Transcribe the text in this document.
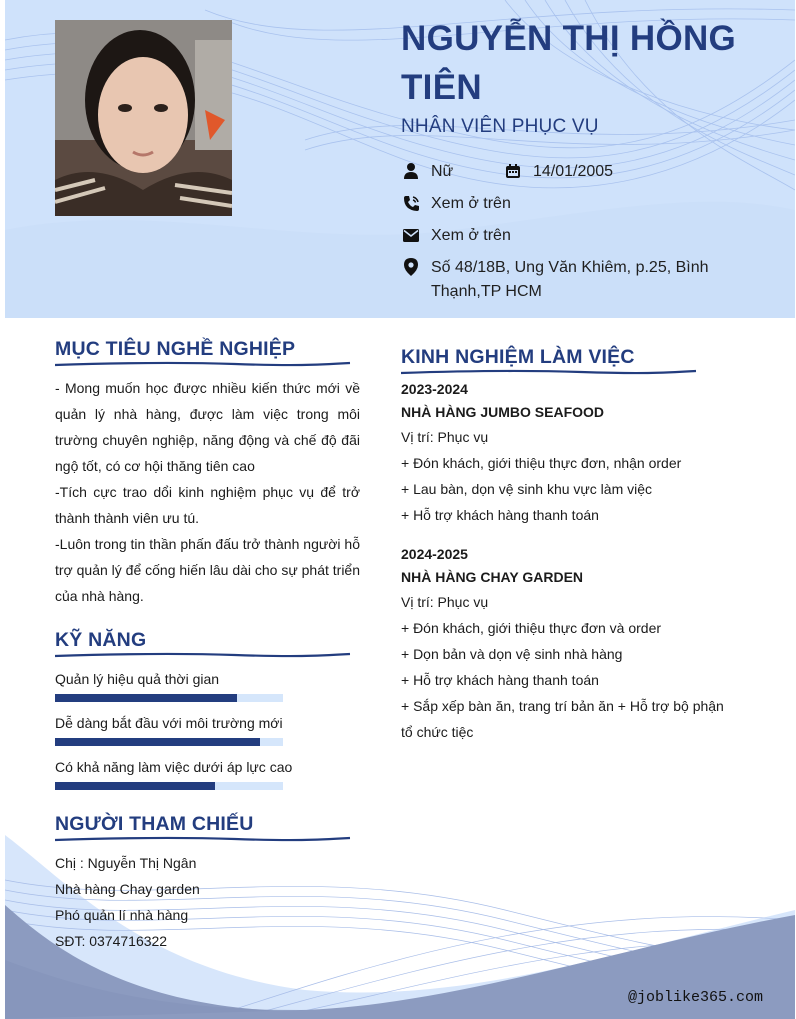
NGUYỄN THỊ HỒNG TIÊN
NHÂN VIÊN PHỤC VỤ
Nữ	14/01/2005
Xem ở trên
Xem ở trên
Số 48/18B, Ung Văn Khiêm, p.25, Bình Thạnh,TP HCM
MỤC TIÊU NGHỀ NGHIỆP
- Mong muốn học được nhiều kiến thức mới về quản lý nhà hàng, được làm việc trong môi trường chuyên nghiệp, năng động và chế độ đãi ngộ tốt, có cơ hội thăng tiên cao
-Tích cực trao dổi kinh nghiệm phục vụ để trở thành thành viên ưu tú.
-Luôn trong tin thần phấn đấu trở thành người hỗ trợ quản lý để cống hiến lâu dài cho sự phát triển của nhà hàng.
KỸ NĂNG
Quản lý hiệu quả thời gian
Dễ dàng bắt đầu với môi trường mới
Có khả năng làm việc dưới áp lực cao
NGƯỜI THAM CHIẾU
Chị : Nguyễn Thị Ngân
Nhà hàng Chay garden
Phó quản lí nhà hàng
SĐT: 0374716322
KINH NGHIỆM LÀM VIỆC
2023-2024
NHÀ HÀNG JUMBO SEAFOOD
Vị trí: Phục vụ
+ Đón khách, giới thiệu thực đơn, nhận order
+ Lau bàn, dọn vệ sinh khu vực làm việc
+ Hỗ trợ khách hàng thanh toán
2024-2025
NHÀ HÀNG CHAY GARDEN
Vị trí: Phục vụ
+ Đón khách, giới thiệu thực đơn và order
+ Dọn bản và dọn vệ sinh nhà hàng
+ Hỗ trợ khách hàng thanh toán
+ Sắp xếp bàn ăn, trang trí bản ăn + Hỗ trợ bộ phận tổ chức tiệc
@joblike365.com
